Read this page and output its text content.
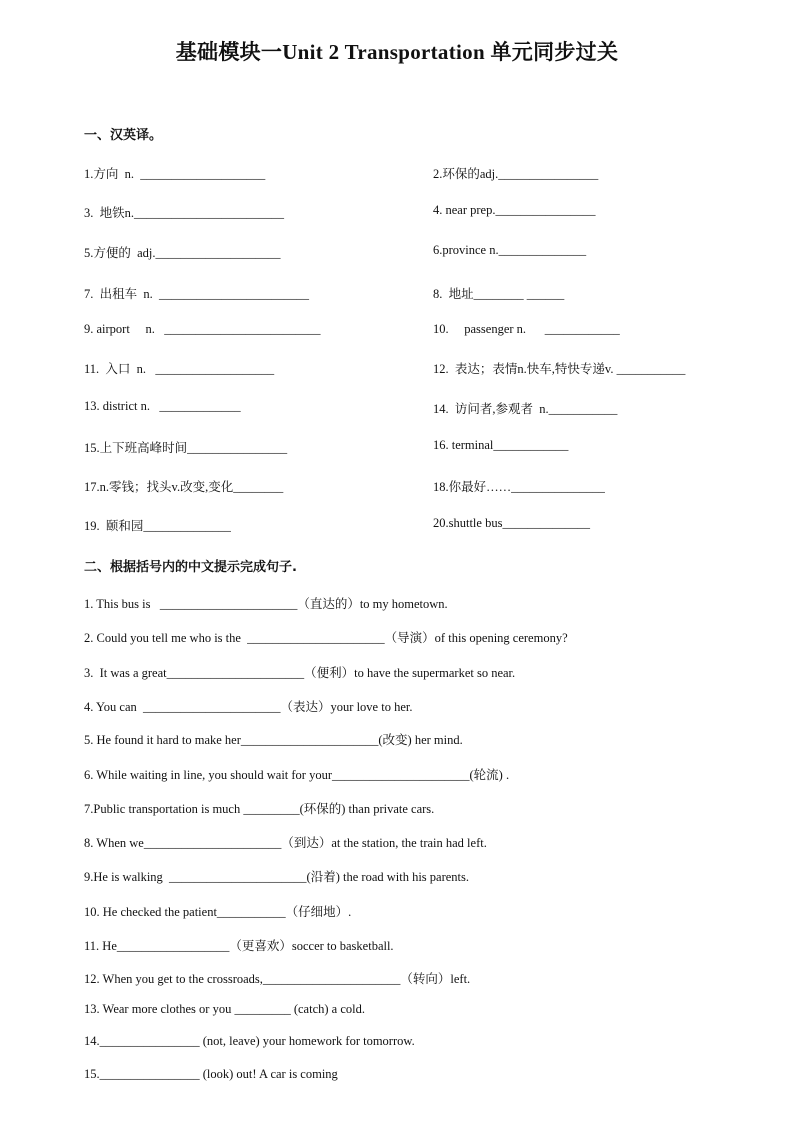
基础模块一Unit 2 Transportation 单元同步过关
一、汉英译。
1.方向  n.  ____________________	2.环保的adj.________________
3.  地铁n.________________________	4. near prep.________________
5.方便的  adj.____________________	6.province n.______________
7.  出租车  n.  ________________________	8.  地址________ ______
9. airport     n.   _________________________	10.     passenger n.      ____________
11.  入口  n.   ___________________	12.  表达；表情n.快车,特快专递v. ___________
13. district n.   _____________	14.  访问者,参观者  n.___________
15.上下班高峰时间________________	16. terminal____________
17.n.零钱；找头v.改变,变化________	18.你最好……_______________
19.  颐和园______________	20.shuttle bus______________
二、根据括号内的中文提示完成句子.
1. This bus is   ______________________（直达的）to my hometown.
2. Could you tell me who is the  ______________________（导演）of this opening ceremony?
3.  It was a great______________________（便利）to have the supermarket so near.
4. You can  ______________________（表达）your love to her.
5. He found it hard to make her______________________(改变) her mind.
6. While waiting in line, you should wait for your______________________(轮流) .
7.Public transportation is much _________(环保的) than private cars.
8. When we______________________（到达）at the station, the train had left.
9.He is walking  ______________________(沿着) the road with his parents.
10. He checked the patient___________（仔细地）.
11. He__________________（更喜欢）soccer to basketball.
12. When you get to the crossroads,______________________（转向）left.
13. Wear more clothes or you _________ (catch) a cold.
14.________________ (not, leave) your homework for tomorrow.
15.________________ (look) out! A car is coming
